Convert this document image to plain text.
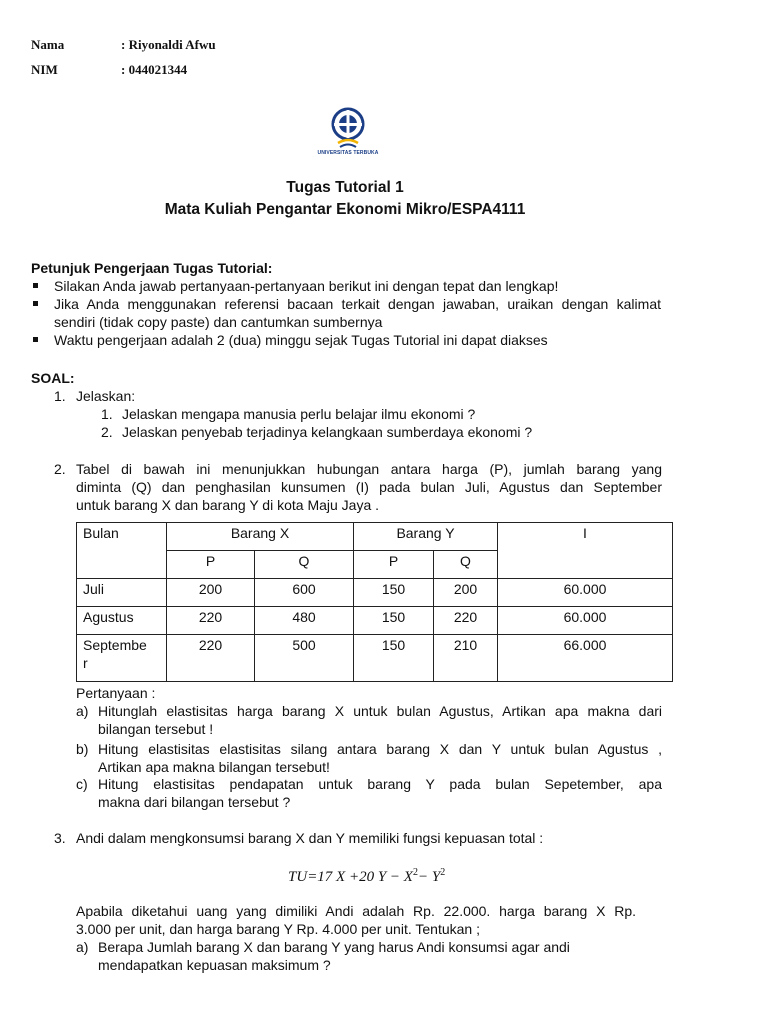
Nama	: Riyonaldi Afwu
NIM	: 044021344
UNIVERSITAS TERBUKA
Tugas Tutorial 1
Mata Kuliah Pengantar Ekonomi Mikro/ESPA4111
Petunjuk Pengerjaan Tugas Tutorial:
Silakan Anda jawab pertanyaan-pertanyaan berikut ini dengan tepat dan lengkap!
Jika Anda menggunakan referensi bacaan terkait dengan jawaban, uraikan dengan kalimat sendiri (tidak copy paste) dan cantumkan sumbernya
Waktu pengerjaan adalah 2 (dua) minggu sejak Tugas Tutorial ini dapat diakses
SOAL:
1. Jelaskan:
1. Jelaskan mengapa manusia perlu belajar ilmu ekonomi ?
2. Jelaskan penyebab terjadinya kelangkaan sumberdaya ekonomi ?
2. Tabel di bawah ini menunjukkan hubungan antara harga (P), jumlah barang yang
diminta (Q) dan penghasilan kunsumen (I) pada bulan Juli, Agustus dan September
untuk barang X dan barang Y di kota Maju Jaya .
Bulan	Barang X		Barang Y		I
	P	Q	P	Q	
Juli	200	600	150	200	60.000
Agustus	220	480	150	220	60.000
Septembe
r	220	500	150	210	66.000
Pertanyaan :
a) Hitunglah elastisitas harga barang X untuk bulan Agustus, Artikan apa makna dari
bilangan tersebut !
b) Hitung elastisitas elastisitas silang antara barang X dan Y untuk bulan Agustus ,
Artikan apa makna bilangan tersebut!
c) Hitung elastisitas pendapatan untuk barang Y pada bulan Sepetember, apa
makna dari bilangan tersebut ?
3. Andi dalam mengkonsumsi barang X dan Y memiliki fungsi kepuasan total :
TU=17 X +20 $Y - X^2- Y^2$
Apabila diketahui uang yang dimiliki Andi adalah Rp. 22.000. harga barang X Rp.
3.000 per unit, dan harga barang Y Rp. 4.000 per unit. Tentukan ;
a) Berapa Jumlah barang X dan barang Y yang harus Andi konsumsi agar andi
mendapatkan kepuasan maksimum ?
